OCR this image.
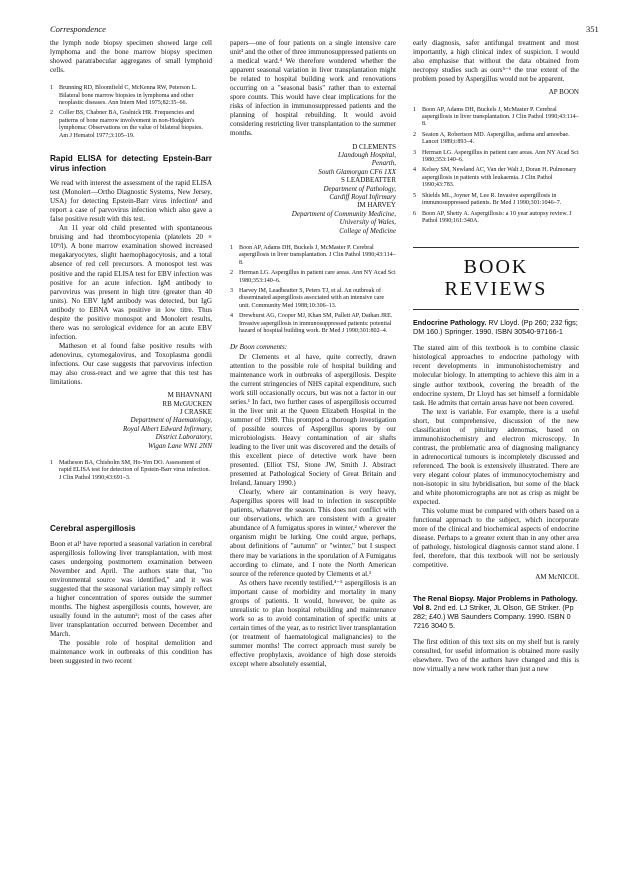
Correspondence	351

the lymph node biopsy specimen showed large cell lymphoma and the bone marrow biopsy specimen showed paratrabecular aggregates of small lymphoid cells.

1 Brunning RD, Bloomfield C, McKenna RW, Peterson L. Bilateral bone marrow biopsies in lymphoma and other neoplastic diseases. Ann Intern Med 1975;82:35–66.
2 Coller BS, Chabner BA, Gralnick HR. Frequencies and patterns of bone marrow involvement in non-Hodgkin's lymphoma: Observations on the value of bilateral biopsies. Am J Hematol 1977;3:105–19.
Rapid ELISA for detecting Epstein-Barr virus infection

We read with interest the assessment of the rapid ELISA test (Monolert—Ortho Diagnostic Systems, New Jersey, USA) for detecting Epstein-Barr virus infection¹ and report a case of parvovirus infection which also gave a false positive result with this test.

An 11 year old child presented with spontaneous bruising and had thrombocytopenia (platelets 20 × 10⁹/l). A bone marrow examination showed increased megakaryocytes, slight haemophagocytosis, and a total absence of red cell precursors. A monospot test was positive and the rapid ELISA test for EBV infection was positive for an acute infection. IgM antibody to parvovirus was present in high titre (greater than 40 units). No EBV IgM antibody was detected, but IgG antibody to EBNA was positive in low titre. Thus despite the positive monospot and Monolert results, there was no serological evidence for an acute EBV infection.

Matheson et al found false positive results with adenovirus, cytomegalovirus, and Toxoplasma gondii infections. Our case suggests that parvovirus infection may also cross-react and we agree that this test has limitations.

M BHAVNANI
RB McGUCKEN
J CRASKE
Department of Haematology,
Royal Albert Edward Infirmary,
District Laboratory,
Wigan Lane WN1 2NN
1 Matheson BA, Chisholm SM, Ho-Yen DO. Assessment of rapid ELISA test for detection of Epstein-Barr virus infection. J Clin Pathol 1990;43:691–3.
Cerebral aspergillosis

Boon et al¹ have reported a seasonal variation in cerebral aspergillosis following liver transplantation, with most cases undergoing postmortem examination between November and April. The authors state that, "no environmental source was identified," and it was suggested that the seasonal variation may simply reflect a higher concentration of spores outside the summer months. The highest aspergillosis counts, however, are usually found in the autumn²; most of the cases after liver transplantation occurred between December and March.

The possible role of hospital demolition and maintenance work in outbreaks of this condition has been suggested in two recent

papers—one of four patients on a single intensive care unit³ and the other of three immunosuppressed patients on a medical ward.⁴ We therefore wondered whether the apparent seasonal variation in liver transplantation might be related to hospital building work and renovations occurring on a "seasonal basis" rather than to external spore counts. This would have clear implications for the risks of infection in immunosuppressed patients and the planning of hospital rebuilding. It would avoid considering restricting liver transplantation to the summer months.

D CLEMENTS
Llandough Hospital,
Penarth,
South Glamorgan CF6 1XX
S LEADBEATTER
Department of Pathology,
Cardiff Royal Infirmary
IM HARVEY
Department of Community Medicine,
University of Wales,
College of Medicine
1 Boon AP, Adams DH, Buckels J, McMaster P. Cerebral aspergillosis in liver transplantation. J Clin Pathol 1990;43:114–8.
2 Herman LG. Aspergillus in patient care areas. Ann NY Acad Sci 1980;353:140–6.
3 Harvey IM, Leadbeatter S, Peters TJ, et al. An outbreak of disseminated aspergillosis associated with an intensive care unit. Community Med 1988;10:306–13.
4 Drewhurst AG, Cooper MJ, Khan SM, Pallett AP, Dathan JRE. Invasive aspergillosis in immunosuppressed patients: potential hazard of hospital building work. Br Med J 1990;301:802–4.

Dr Boon comments:

Dr Clements et al have, quite correctly, drawn attention to the possible role of hospital building and maintenance work in outbreaks of aspergillosis. Despite the current stringencies of NHS capital expenditure, such work still occasionally occurs, but was not a factor in our series.¹ In fact, two further cases of aspergillosis occurred in the liver unit at the Queen Elizabeth Hospital in the summer of 1989. This prompted a thorough investigation of possible sources of Aspergillus spores by our microbiologists. Heavy contamination of air shafts leading to the liver unit was discovered and the details of this excellent piece of detective work have been presented. (Elliot TSJ, Stone JW, Smith J. Abstract presented at Pathological Society of Great Britain and Ireland, January 1990.)

Clearly, where air contamination is very heavy, Aspergillus spores will lead to infection in susceptible patients, whatever the season. This does not conflict with our observations, which are consistent with a greater abundance of A fumigatus spores in winter,² wherever the organism might be lurking. One could argue, perhaps, about definitions of "autumn" or "winter," but I suspect there may be variations in the sporulation of A Fumigatus according to climate, and I note the North American source of the reference quoted by Clements et al.³

As others have recently testified,⁴⁻⁵ aspergillosis is an important cause of morbidity and mortality in many groups of patients. It would, however, be quite as unrealistic to plan hospital rebuilding and maintenance work so as to avoid contamination of specific units at certain times of the year, as to restrict liver transplantation (or treatment of haematological malignancies) to the summer months! The correct approach must surely be effective prophylaxis, avoidance of high dose steroids except where absolutely essential,

early diagnosis, safer antifungal treatment and most importantly, a high clinical index of suspicion. I would also emphasise that without the data obtained from necropsy studies such as ours⁵⁻⁶ the true extent of the problem posed by Aspergillus would not be apparent.

AP BOON
1 Boon AP, Adams DH, Buckels J, McMaster P. Cerebral aspergillosis in liver transplantation. J Clin Pathol 1990;43:114–8.
2 Seaton A, Robertson MD. Aspergillus, asthma and amoebae. Lancet 1989;i:893–4.
3 Herman LG. Aspergillus in patient care areas. Ann NY Acad Sci 1980;353:140–6.
4 Kelsey SM, Newland AC, Van der Walt J, Doran H. Pulmonary aspergillosis in patients with leukaemia. J Clin Pathol 1990;43:783.
5 Shields ML, Joyner M, Lee R. Invasive aspergillosis in immunosuppressed patients. Br Med J 1990;301:1046–7.
6 Boon AP, Shetty A. Aspergillosis: a 10 year autopsy review. J Pathol 1990;161:340A.
BOOK
REVIEWS
Endocrine Pathology. RV Lloyd. (Pp 260; 232 figs; DM 160.) Springer. 1990. ISBN 30540-97166-1

The stated aim of this textbook is to combine classic histological approaches to endocrine pathology with recent developments in immunohistochemistry and molecular biology. In attempting to achieve this aim in a single author textbook, covering the breadth of the endocrine system, Dr Lloyd has set himself a formidable task. He admits that certain areas have not been covered.

The text is variable. For example, there is a useful short, but comprehensive, discussion of the new classification of pituitary adenomas, based on immunohistochemistry and electron microscopy. In contrast, the problematic area of diagnosing malignancy in adrenocortical tumours is incompletely discussed and referenced. The book is extensively illustrated. There are very elegant colour plates of immunocytochemistry and non-isotopic in situ hybridisation, but some of the black and white photomicrographs are not as crisp as might be expected.

This volume must be compared with others based on a functional approach to the subject, which incorporate more of the clinical and biochemical aspects of endocrine disease. Perhaps to a greater extent than in any other area of pathology, histological diagnosis cannot stand alone. I feel, therefore, that this textbook will not be seriously competitive.

AM McNICOL
The Renal Biopsy. Major Problems in Pathology. Vol 8. 2nd ed. LJ Striker, JL Olson, GE Striker. (Pp 282; £40.) WB Saunders Company. 1990. ISBN 0 7216 3040 5.

The first edition of this text sits on my shelf but is rarely consulted, for useful information is obtained more easily elsewhere. Two of the authors have changed and this is now virtually a new work rather than just a new
